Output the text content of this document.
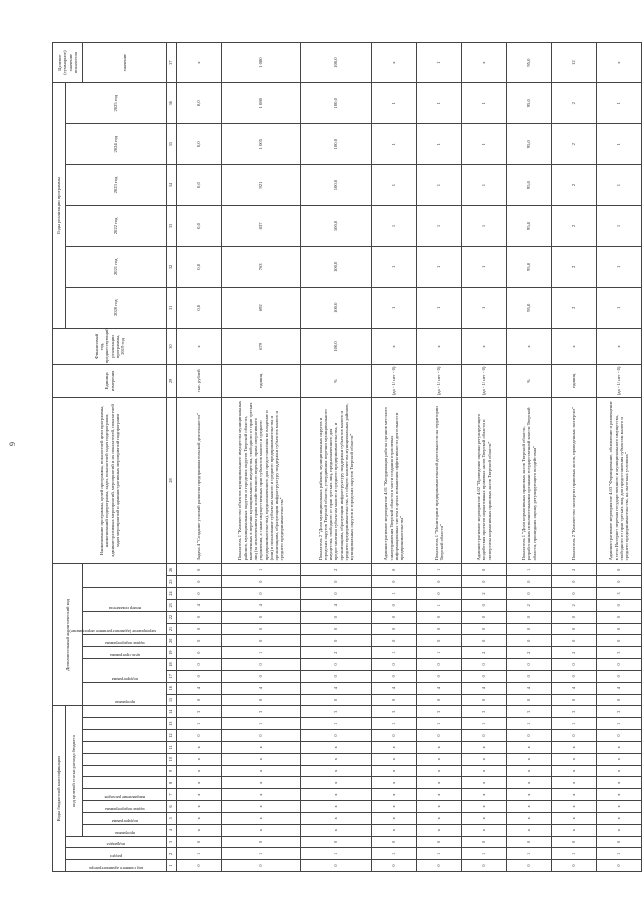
9
Коды бюджетной классификации														Дополнительный аналитический код												Наименование программы, целей программы, показателей цели программы, наименований подпрограмм, задач, показателей задач подпрограмм, административных мероприятий, мероприятий и их показателей, показателей задач мероприятий и административных мероприятий подпрограмм	Единица измерения	Финансовый год, предшествующий реализации программы, 2019 год	Годы реализации программы						Целевое (суммарное) значение показателя

код главного администратора	раздел	подраздел	код целевой статьи расхода бюджета																										2020 год	2021 год	2022 год	2023 год	2024 год	2025 год	

			программа	подпрограмма	задача подпрограммы	направление расходов								программа		подпрограмма		цель программы	задача подпрограммы	мероприятие (административное мероприятие)		номер показателя													значение
1	2	3	4	5	6	7	8	9	10	11	12	13	14	15	16	17	18	19	20	21	22	23	24	25	26	28	29	30	31	32	33	34	35	36	37
0	1	0	x	x	x	x	x	x	x	x	0	1	3	0	4	0	0	0	0	0	0	4	0	0	0	Задача 4 "Создание условий развития предпринимательской деятельности"	тыс. рублей	x	0,0	0,0	0,0	0,0	0,0	0,0	x
0	1	0	x	x	x	x	x	x	x	x	0	1	3	0	4	0	0	1	0	0	0	4	0	0	1	Показатель 1 "Количество объектов муниципального имущества муниципальных районов, муниципальных округов и городских округов Тверской области, включенных в перечни муниципального имущества, свободного от прав третьих лиц (за исключением права хозяйственного ведения, права оперативного управления, а также имущественных прав субъектов малого и среднего предпринимательства), предназначенного для предоставления во владение и (или) в пользование субъектам малого и среднего предпринимательства и организациям, образующим инфраструктуру поддержки субъектов малого и среднего предпринимательства"	единиц	679	692	763	837	921	1 005	1 080	1 080
0	1	0	x	x	x	x	x	x	x	x	0	1	3	0	4	0	0	2	0	0	0	4	0	0	2	Показатель 2 "Доля муниципальных районов, муниципальных округов и городских округов Тверской области, утвердивших перечни муниципального имущества, свободного от прав третьих лиц, предназначенного для предоставления субъектам малого и среднего предпринимательства, и организациям, образующим инфраструктуру поддержки субъектов малого и среднего предпринимательства, от общего количества муниципальных районов, муниципальных округов и городских округов Тверской области"	%	100,0	100,0	100,0	100,0	100,0	100,0	100,0	100,0
0	1	0	x	x	x	x	x	x	x	x	0	1	3	0	4	0	0	1	0	0	0	0	1	0	0	Административное мероприятие 4.01 "Координация работы органов местного самоуправления Тверской области в части создания отраслевых информационных систем в целях повышения эффективности деятельности предпринимательства"	(да - 1/ нет - 0)	x	1	1	1	1	1	1	x
0	1	0	x	x	x	x	x	x	x	x	0	1	3	0	4	0	0	1	0	0	0	1	0	0	1	Показатель 1 "Мониторинг предпринимательской деятельности на территории Тверской области"	(да - 1/ нет - 0)	x	1	1	1	1	1	1	1
0	1	0	x	x	x	x	x	x	x	x	0	1	3	0	4	0	0	2	0	0	0	0	2	0	0	Административное мероприятие 4.02 "Проведение оценки регулирующего воздействия проектов нормативных правовых актов Тверской области и экспертизы нормативных правовых актов Тверской области"	(да - 1/ нет - 0)	x	1	1	1	1	1	1	x
0	1	0	x	x	x	x	x	x	x	x	0	1	3	0	4	0	0	2	0	0	0	2	0	0	1	Показатель 1 "Доля нормативных правовых актов Тверской области, разработанных исполнительными органами государственной власти Тверской области, прошедших оценку регулирующего воздействия"	%	x	95,0	95,0	95,0	95,0	95,0	95,0	95,0
0	1	0	x	x	x	x	x	x	x	x	0	1	3	0	4	0	0	2	0	0	0	2	0	0	2	Показатель 2 "Количество экспертиз правовых актов, проведенных экспертиз"	единиц	x	2	2	2	2	2	2	12
0	1	0	x	x	x	x	x	x	x	x	0	1	3	0	4	0	0	3	0	0	0	0	3	0	0	Административное мероприятие 4.03 "Формирование, обновление и размещение в сети Интернет перечня государственного и муниципального имущества, свободного от прав третьих лиц, для предоставления субъектам малого и среднего предпринимательства, на льготных условиях"	(да - 1/ нет - 0)	x	1	1	1	1	1	1	x
